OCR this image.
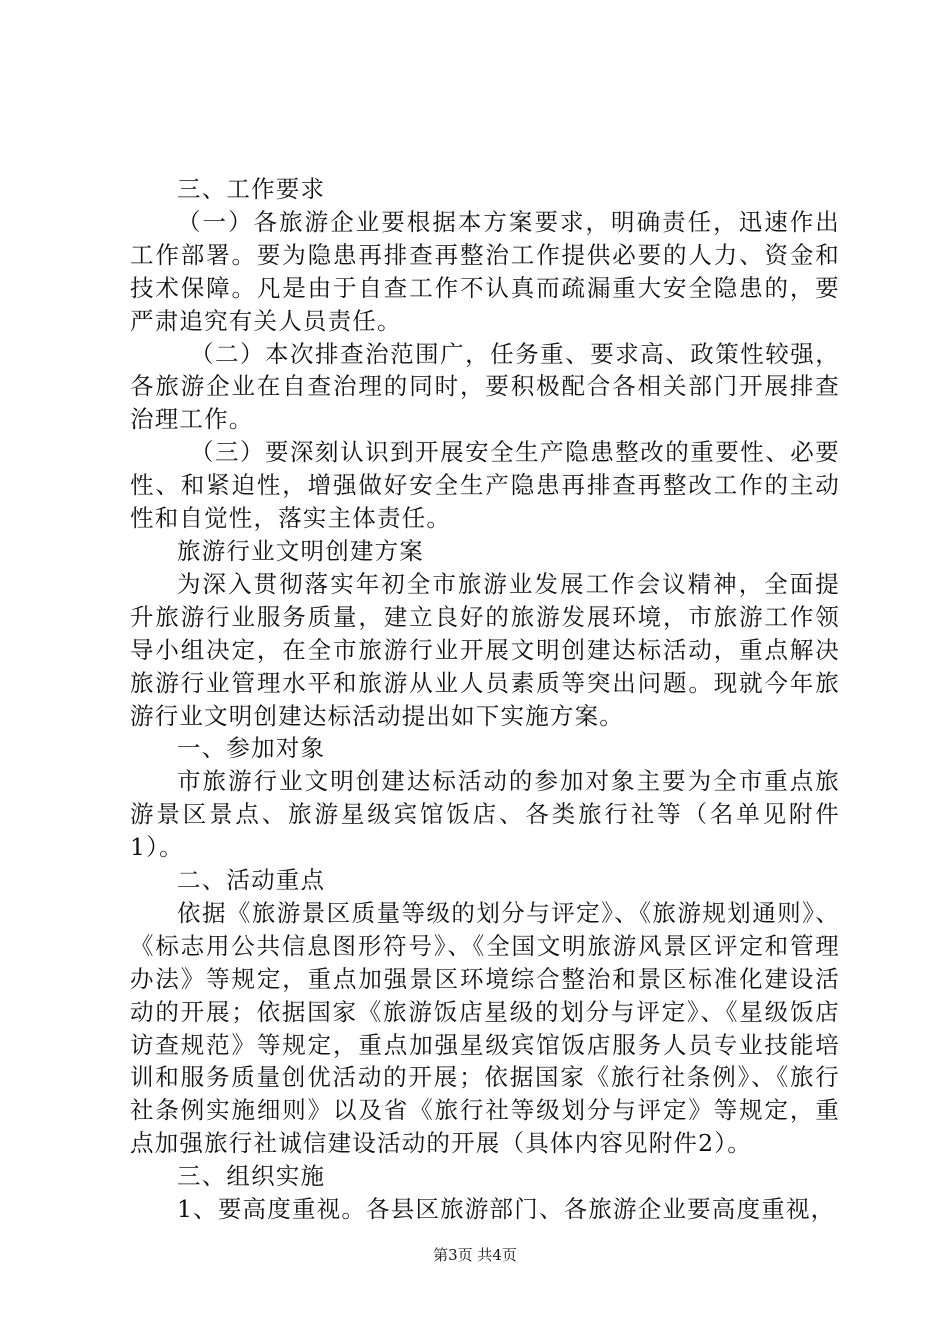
三、工作要求

（一）各旅游企业要根据本方案要求，明确责任，迅速作出工作部署。要为隐患再排查再整治工作提供必要的人力、资金和技术保障。凡是由于自查工作不认真而疏漏重大安全隐患的，要严肃追究有关人员责任。

（二）本次排查治范围广，任务重、要求高、政策性较强，各旅游企业在自查治理的同时，要积极配合各相关部门开展排查治理工作。

（三）要深刻认识到开展安全生产隐患整改的重要性、必要性、和紧迫性，增强做好安全生产隐患再排查再整改工作的主动性和自觉性，落实主体责任。

旅游行业文明创建方案

为深入贯彻落实年初全市旅游业发展工作会议精神，全面提升旅游行业服务质量，建立良好的旅游发展环境，市旅游工作领导小组决定，在全市旅游行业开展文明创建达标活动，重点解决旅游行业管理水平和旅游从业人员素质等突出问题。现就今年旅游行业文明创建达标活动提出如下实施方案。

一、参加对象

市旅游行业文明创建达标活动的参加对象主要为全市重点旅游景区景点、旅游星级宾馆饭店、各类旅行社等（名单见附件1）。

二、活动重点

依据《旅游景区质量等级的划分与评定》、《旅游规划通则》、《标志用公共信息图形符号》、《全国文明旅游风景区评定和管理办法》等规定，重点加强景区环境综合整治和景区标准化建设活动的开展；依据国家《旅游饭店星级的划分与评定》、《星级饭店访查规范》等规定，重点加强星级宾馆饭店服务人员专业技能培训和服务质量创优活动的开展；依据国家《旅行社条例》、《旅行社条例实施细则》以及省《旅行社等级划分与评定》等规定，重点加强旅行社诚信建设活动的开展（具体内容见附件2）。

三、组织实施

1、要高度重视。各县区旅游部门、各旅游企业要高度重视，

第3页 共4页
